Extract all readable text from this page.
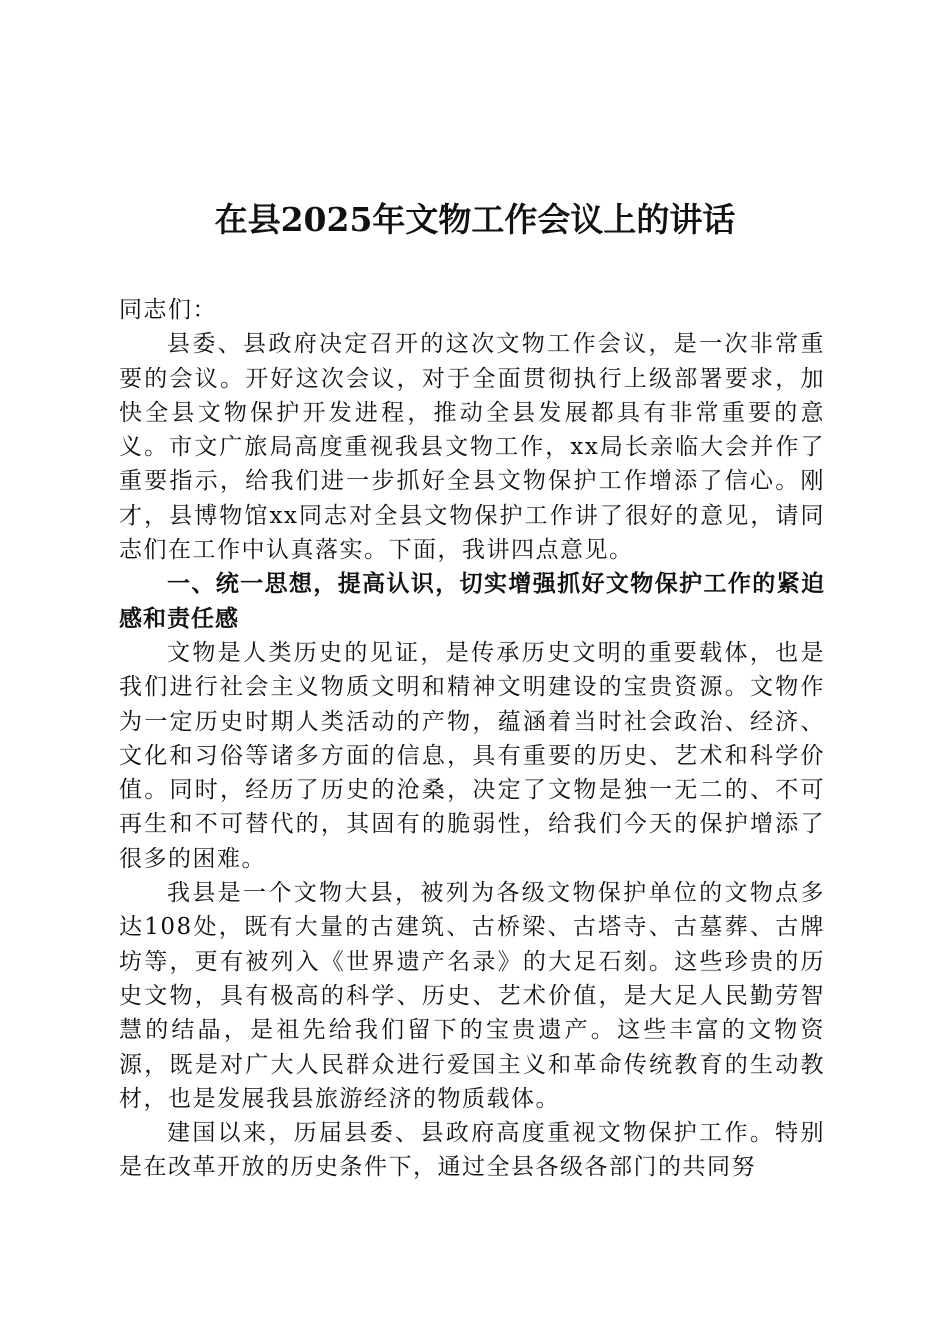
在县2025年文物工作会议上的讲话

同志们：

县委、县政府决定召开的这次文物工作会议，是一次非常重要的会议。开好这次会议，对于全面贯彻执行上级部署要求，加快全县文物保护开发进程，推动全县发展都具有非常重要的意义。市文广旅局高度重视我县文物工作，xx局长亲临大会并作了重要指示，给我们进一步抓好全县文物保护工作增添了信心。刚才，县博物馆xx同志对全县文物保护工作讲了很好的意见，请同志们在工作中认真落实。下面，我讲四点意见。

一、统一思想，提高认识，切实增强抓好文物保护工作的紧迫感和责任感

文物是人类历史的见证，是传承历史文明的重要载体，也是我们进行社会主义物质文明和精神文明建设的宝贵资源。文物作为一定历史时期人类活动的产物，蕴涵着当时社会政治、经济、文化和习俗等诸多方面的信息，具有重要的历史、艺术和科学价值。同时，经历了历史的沧桑，决定了文物是独一无二的、不可再生和不可替代的，其固有的脆弱性，给我们今天的保护增添了很多的困难。

我县是一个文物大县，被列为各级文物保护单位的文物点多达108处，既有大量的古建筑、古桥梁、古塔寺、古墓葬、古牌坊等，更有被列入《世界遗产名录》的大足石刻。这些珍贵的历史文物，具有极高的科学、历史、艺术价值，是大足人民勤劳智慧的结晶，是祖先给我们留下的宝贵遗产。这些丰富的文物资源，既是对广大人民群众进行爱国主义和革命传统教育的生动教材，也是发展我县旅游经济的物质载体。

建国以来，历届县委、县政府高度重视文物保护工作。特别是在改革开放的历史条件下，通过全县各级各部门的共同努
